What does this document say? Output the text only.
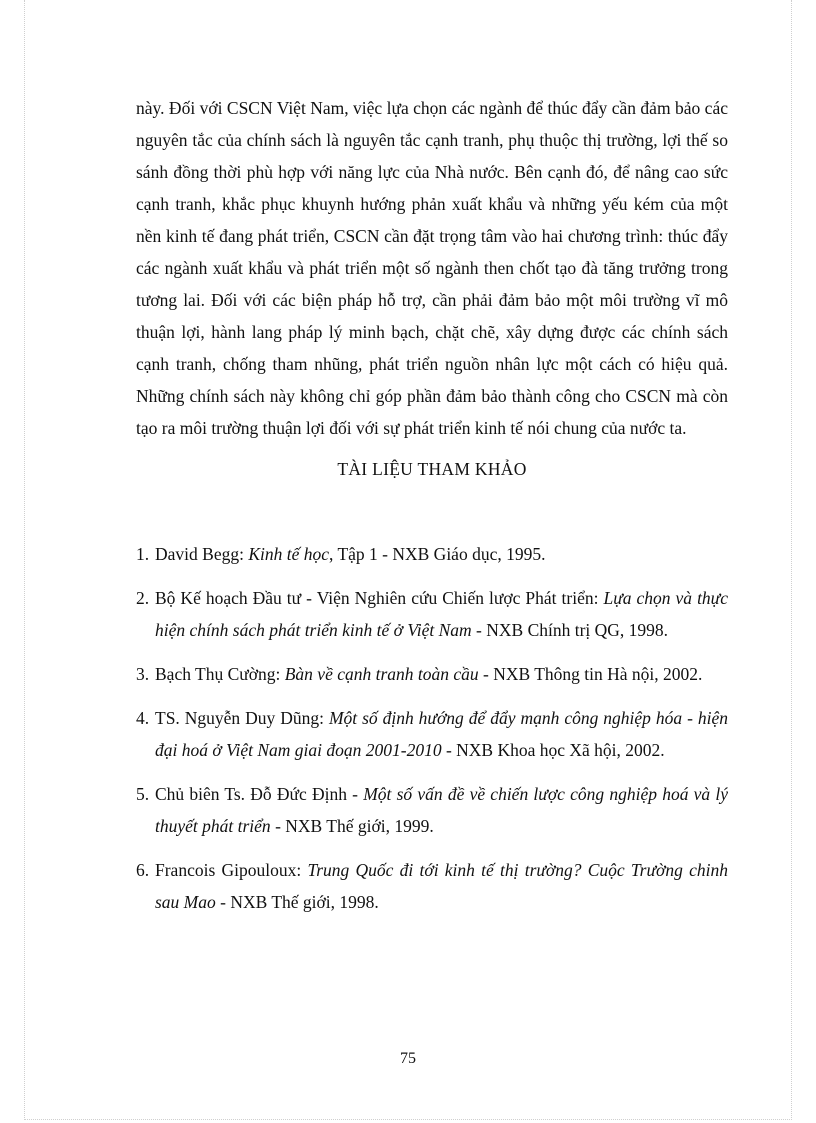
này. Đối với CSCN Việt Nam, việc lựa chọn các ngành để thúc đẩy cần đảm bảo các nguyên tắc của chính sách là nguyên tắc cạnh tranh, phụ thuộc thị trường, lợi thế so sánh đồng thời phù hợp với năng lực của Nhà nước. Bên cạnh đó, để nâng cao sức cạnh tranh, khắc phục khuynh hướng phản xuất khẩu và những yếu kém của một nền kinh tế đang phát triển, CSCN cần đặt trọng tâm vào hai chương trình: thúc đẩy các ngành xuất khẩu và phát triển một số ngành then chốt tạo đà tăng trưởng trong tương lai. Đối với các biện pháp hỗ trợ, cần phải đảm bảo một môi trường vĩ mô thuận lợi, hành lang pháp lý minh bạch, chặt chẽ, xây dựng được các chính sách cạnh tranh, chống tham nhũng, phát triển nguồn nhân lực một cách có hiệu quả. Những chính sách này không chỉ góp phần đảm bảo thành công cho CSCN mà còn tạo ra môi trường thuận lợi đối với sự phát triển kinh tế nói chung của nước ta.

TÀI LIỆU THAM KHẢO
1. David Begg: Kinh tế học, Tập 1 - NXB Giáo dục, 1995.
2. Bộ Kế hoạch Đầu tư - Viện Nghiên cứu Chiến lược Phát triển: Lựa chọn và thực hiện chính sách phát triển kinh tế ở Việt Nam - NXB Chính trị QG, 1998.
3. Bạch Thụ Cường: Bàn về cạnh tranh toàn cầu - NXB Thông tin Hà nội, 2002.
4. TS. Nguyễn Duy Dũng: Một số định hướng để đẩy mạnh công nghiệp hóa - hiện đại hoá ở Việt Nam giai đoạn 2001-2010 - NXB Khoa học Xã hội, 2002.
5. Chủ biên Ts. Đỗ Đức Định - Một số vấn đề về chiến lược công nghiệp hoá và lý thuyết phát triển - NXB Thế giới, 1999.
6. Francois Gipouloux: Trung Quốc đi tới kinh tế thị trường? Cuộc Trường chinh sau Mao - NXB Thế giới, 1998.
75
